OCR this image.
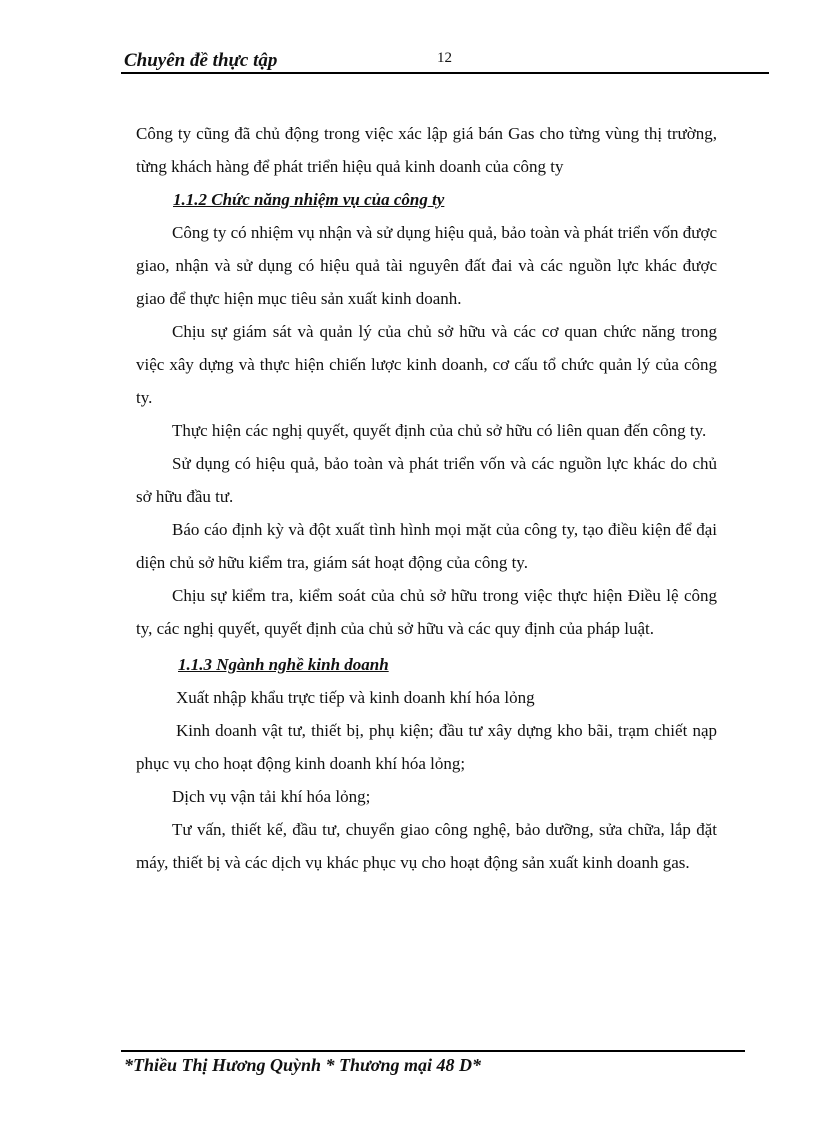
Chuyên đề thực tập	12

Công ty cũng đã chủ động trong việc xác lập giá bán Gas cho từng vùng thị trường, từng khách hàng để phát triển hiệu quả kinh doanh của công ty

1.1.2 Chức năng nhiệm vụ của công ty

Công ty có nhiệm vụ nhận và sử dụng hiệu quả, bảo toàn và phát triển vốn được giao, nhận và sử dụng có hiệu quả tài nguyên đất đai và các nguồn lực khác được giao để thực hiện mục tiêu sản xuất kinh doanh.

Chịu sự giám sát và quản lý của chủ sở hữu và các cơ quan chức năng trong việc xây dựng và thực hiện chiến lược kinh doanh, cơ cấu tổ chức quản lý của công ty.

Thực hiện các nghị quyết, quyết định của chủ sở hữu có liên quan đến công ty.

Sử dụng có hiệu quả, bảo toàn và phát triển vốn và các nguồn lực khác do chủ sở hữu đầu tư.

Báo cáo định kỳ và đột xuất tình hình mọi mặt của công ty, tạo điều kiện để đại diện chủ sở hữu kiểm tra, giám sát hoạt động của công ty.

Chịu sự kiểm tra, kiểm soát của chủ sở hữu trong việc thực hiện Điều lệ công ty, các nghị quyết, quyết định của chủ sở hữu và các quy định của pháp luật.

1.1.3 Ngành nghề kinh doanh

Xuất nhập khẩu trực tiếp và kinh doanh khí hóa lỏng

Kinh doanh vật tư, thiết bị, phụ kiện; đầu tư xây dựng kho bãi, trạm chiết nạp phục vụ cho hoạt động kinh doanh khí hóa lỏng;

Dịch vụ vận tải khí hóa lỏng;

Tư vấn, thiết kế, đầu tư, chuyển giao công nghệ, bảo dưỡng, sửa chữa, lắp đặt máy, thiết bị và các dịch vụ khác phục vụ cho hoạt động sản xuất kinh doanh gas.

*Thiều Thị Hương Quỳnh * Thương mại 48 D*
